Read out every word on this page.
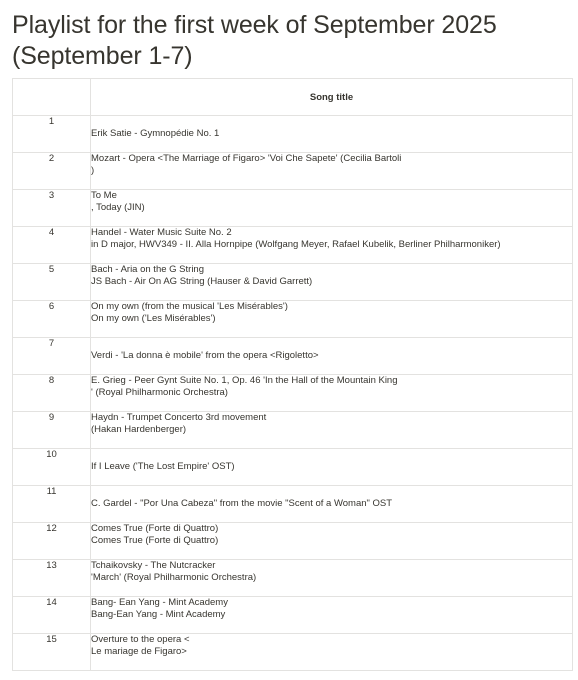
Playlist for the first week of September 2025 (September 1-7)
	Song title
1	Erik Satie - Gymnopédie No. 1

2	Mozart - Opera <The Marriage of Figaro> 'Voi Che Sapete' (Cecilia Bartoli
)

3	To Me
, Today (JIN)

4	Handel - Water Music Suite No. 2
in D major, HWV349 - II. Alla Hornpipe (Wolfgang Meyer, Rafael Kubelik, Berliner Philharmoniker)

5	Bach - Aria on the G String
JS Bach - Air On AG String (Hauser & David Garrett)

6	On my own (from the musical 'Les Misérables')
On my own ('Les Misérables')

7	Verdi - 'La donna è mobile' from the opera <Rigoletto>

8	E. Grieg - Peer Gynt Suite No. 1, Op. 46 'In the Hall of the Mountain King
' (Royal Philharmonic Orchestra)

9	Haydn - Trumpet Concerto 3rd movement
(Hakan Hardenberger)

10	If I Leave ('The Lost Empire' OST)

11	C. Gardel - "Por Una Cabeza" from the movie "Scent of a Woman" OST

12	Comes True (Forte di Quattro)
Comes True (Forte di Quattro)

13	Tchaikovsky - The Nutcracker
'March' (Royal Philharmonic Orchestra)

14	Bang- Ean Yang - Mint Academy
Bang-Ean Yang - Mint Academy

15	Overture to the opera <
Le mariage de Figaro>
